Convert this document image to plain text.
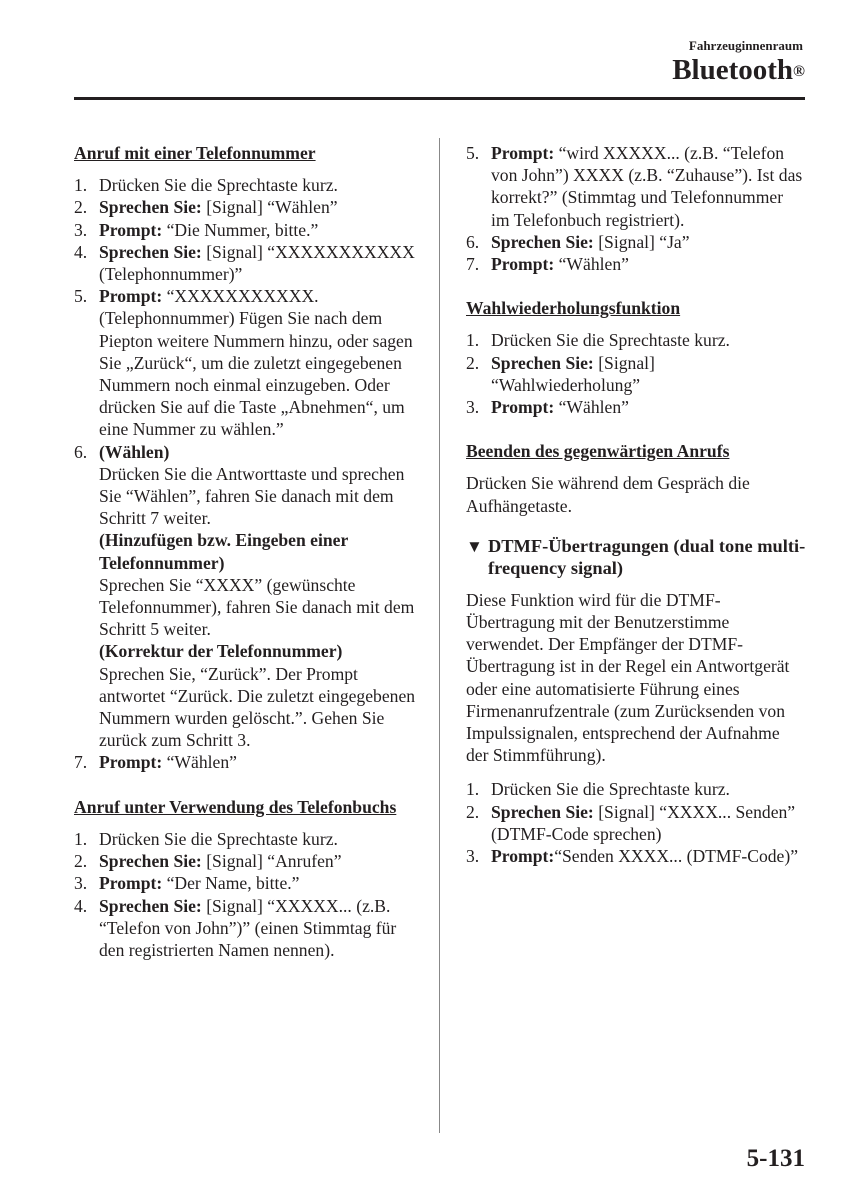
Fahrzeuginnenraum
Bluetooth®
Anruf mit einer Telefonnummer
1. Drücken Sie die Sprechtaste kurz.
2. Sprechen Sie: [Signal] “Wählen”
3. Prompt: “Die Nummer, bitte.”
4. Sprechen Sie: [Signal] “XXXXXXXXXXX (Telephonnummer)”
5. Prompt: “XXXXXXXXXXX. (Telephonnummer) Fügen Sie nach dem Piepton weitere Nummern hinzu, oder sagen Sie „Zurück“, um die zuletzt eingegebenen Nummern noch einmal einzugeben. Oder drücken Sie auf die Taste „Abnehmen“, um eine Nummer zu wählen.”
6. (Wählen)
Drücken Sie die Antworttaste und sprechen Sie “Wählen”, fahren Sie danach mit dem Schritt 7 weiter.
(Hinzufügen bzw. Eingeben einer Telefonnummer)
Sprechen Sie “XXXX” (gewünschte Telefonnummer), fahren Sie danach mit dem Schritt 5 weiter.
(Korrektur der Telefonnummer)
Sprechen Sie, “Zurück”. Der Prompt antwortet “Zurück. Die zuletzt eingegebenen Nummern wurden gelöscht.”. Gehen Sie zurück zum Schritt 3.
7. Prompt: “Wählen”
Anruf unter Verwendung des Telefonbuchs
1. Drücken Sie die Sprechtaste kurz.
2. Sprechen Sie: [Signal] “Anrufen”
3. Prompt: “Der Name, bitte.”
4. Sprechen Sie: [Signal] “XXXXX... (z.B. “Telefon von John”)” (einen Stimmtag für den registrierten Namen nennen).
5. Prompt: “wird XXXXX... (z.B. “Telefon von John”) XXXX (z.B. “Zuhause”). Ist das korrekt?” (Stimmtag und Telefonnummer im Telefonbuch registriert).
6. Sprechen Sie: [Signal] “Ja”
7. Prompt: “Wählen”
Wahlwiederholungsfunktion
1. Drücken Sie die Sprechtaste kurz.
2. Sprechen Sie: [Signal] “Wahlwiederholung”
3. Prompt: “Wählen”
Beenden des gegenwärtigen Anrufs

Drücken Sie während dem Gespräch die Aufhängetaste.

▼ DTMF-Übertragungen (dual tone multi-frequency signal)

Diese Funktion wird für die DTMF-Übertragung mit der Benutzerstimme verwendet. Der Empfänger der DTMF-Übertragung ist in der Regel ein Antwortgerät oder eine automatisierte Führung eines Firmenanrufzentrale (zum Zurücksenden von Impulssignalen, entsprechend der Aufnahme der Stimmführung).

1. Drücken Sie die Sprechtaste kurz.
2. Sprechen Sie: [Signal] “XXXX... Senden” (DTMF-Code sprechen)
3. Prompt:“Senden XXXX... (DTMF-Code)”
5-131
